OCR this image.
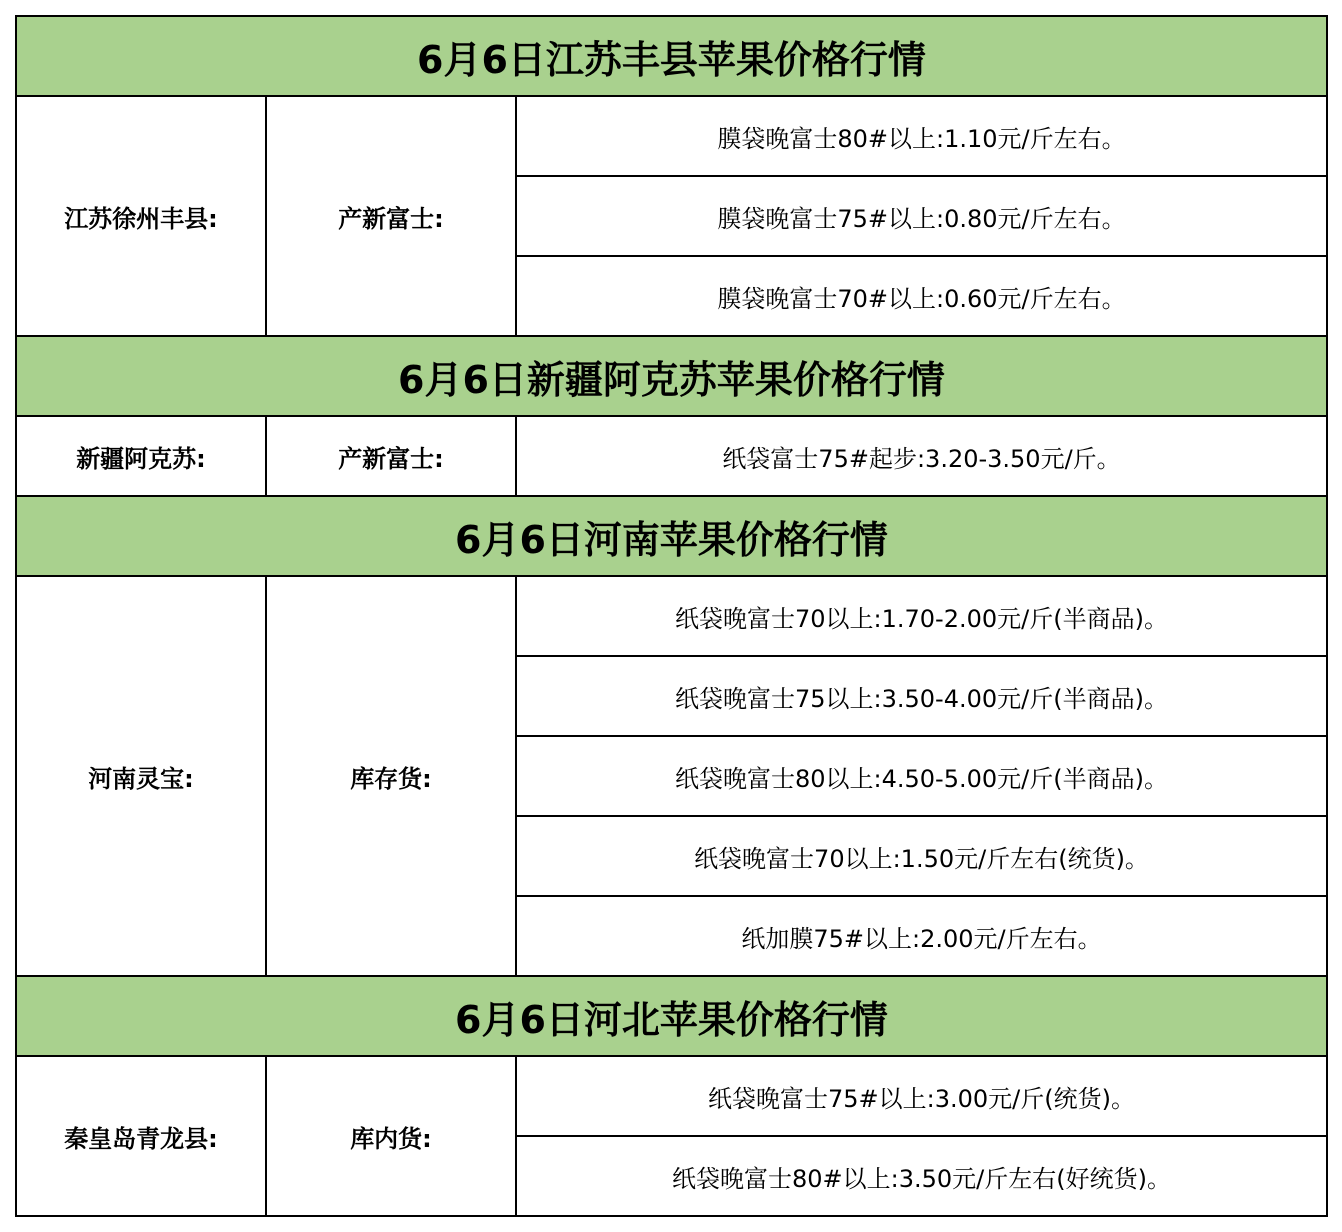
6月6日江苏丰县苹果价格行情		
江苏徐州丰县:	产新富士:	膜袋晚富士80#以上:1.10元/斤左右。
		膜袋晚富士75#以上:0.80元/斤左右。
		膜袋晚富士70#以上:0.60元/斤左右。
6月6日新疆阿克苏苹果价格行情		
新疆阿克苏:	产新富士:	纸袋富士75#起步:3.20-3.50元/斤。
6月6日河南苹果价格行情		
河南灵宝:	库存货:	纸袋晚富士70以上:1.70-2.00元/斤(半商品)。
		纸袋晚富士75以上:3.50-4.00元/斤(半商品)。
		纸袋晚富士80以上:4.50-5.00元/斤(半商品)。
		纸袋晚富士70以上:1.50元/斤左右(统货)。
		纸加膜75#以上:2.00元/斤左右。
6月6日河北苹果价格行情		
秦皇岛青龙县:	库内货:	纸袋晚富士75#以上:3.00元/斤(统货)。
		纸袋晚富士80#以上:3.50元/斤左右(好统货)。
